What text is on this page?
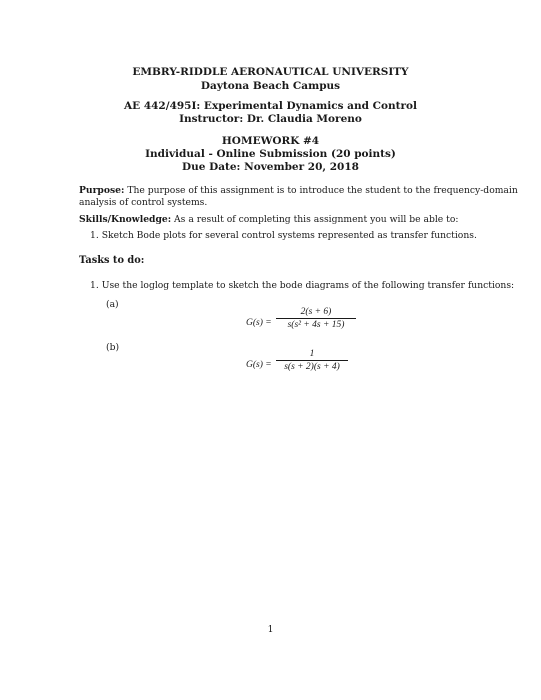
EMBRY-RIDDLE AERONAUTICAL UNIVERSITY
Daytona Beach Campus
AE 442/495I: Experimental Dynamics and Control
Instructor: Dr. Claudia Moreno
HOMEWORK #4
Individual - Online Submission (20 points)
Due Date: November 20, 2018
Purpose: The purpose of this assignment is to introduce the student to the frequency-domain
analysis of control systems.
Skills/Knowledge: As a result of completing this assignment you will be able to:
1. Sketch Bode plots for several control systems represented as transfer functions.
Tasks to do:
1. Use the loglog template to sketch the bode diagrams of the following transfer functions:
(a)
G(s) =
2(s + 6)
s(s² + 4s + 15)
(b)
G(s) =
1
s(s + 2)(s + 4)
1
